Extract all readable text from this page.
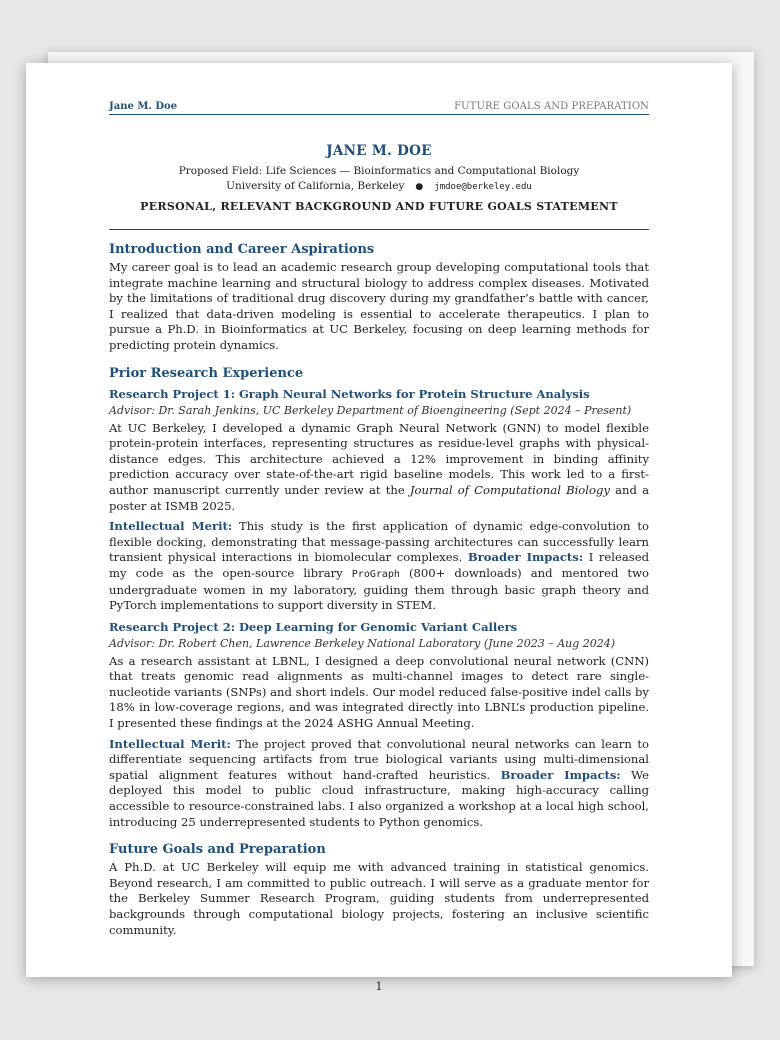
Jane M. Doe	FUTURE GOALS AND PREPARATION
JANE M. DOE
Proposed Field: Life Sciences — Bioinformatics and Computational Biology
University of California, Berkeley ● jmdoe@berkeley.edu
PERSONAL, RELEVANT BACKGROUND AND FUTURE GOALS STATEMENT
Introduction and Career Aspirations

My career goal is to lead an academic research group developing computational tools that integrate machine learning and structural biology to address complex diseases. Motivated by the limitations of traditional drug discovery during my grandfather’s battle with cancer, I realized that data-driven modeling is essential to accelerate therapeutics. I plan to pursue a Ph.D. in Bioinformatics at UC Berkeley, focusing on deep learning methods for predicting protein dynamics.

Prior Research Experience
Research Project 1: Graph Neural Networks for Protein Structure Analysis
Advisor: Dr. Sarah Jenkins, UC Berkeley Department of Bioengineering (Sept 2024 – Present)

At UC Berkeley, I developed a dynamic Graph Neural Network (GNN) to model flexible protein-protein interfaces, representing structures as residue-level graphs with physical-distance edges. This architecture achieved a 12% improvement in binding affinity prediction accuracy over state-of-the-art rigid baseline models. This work led to a first-author manuscript currently under review at the Journal of Computational Biology and a poster at ISMB 2025.

Intellectual Merit: This study is the first application of dynamic edge-convolution to flexible docking, demonstrating that message-passing architectures can successfully learn transient physical interactions in biomolecular complexes. Broader Impacts: I released my code as the open-source library ProGraph (800+ downloads) and mentored two undergraduate women in my laboratory, guiding them through basic graph theory and PyTorch implementations to support diversity in STEM.

Research Project 2: Deep Learning for Genomic Variant Callers
Advisor: Dr. Robert Chen, Lawrence Berkeley National Laboratory (June 2023 – Aug 2024)

As a research assistant at LBNL, I designed a deep convolutional neural network (CNN) that treats genomic read alignments as multi-channel images to detect rare single-nucleotide variants (SNPs) and short indels. Our model reduced false-positive indel calls by 18% in low-coverage regions, and was integrated directly into LBNL’s production pipeline. I presented these findings at the 2024 ASHG Annual Meeting.

Intellectual Merit: The project proved that convolutional neural networks can learn to differentiate sequencing artifacts from true biological variants using multi-dimensional spatial alignment features without hand-crafted heuristics. Broader Impacts: We deployed this model to public cloud infrastructure, making high-accuracy calling accessible to resource-constrained labs. I also organized a workshop at a local high school, introducing 25 underrepresented students to Python genomics.

Future Goals and Preparation

A Ph.D. at UC Berkeley will equip me with advanced training in statistical genomics. Beyond research, I am committed to public outreach. I will serve as a graduate mentor for the Berkeley Summer Research Program, guiding students from underrepresented backgrounds through computational biology projects, fostering an inclusive scientific community.

1
